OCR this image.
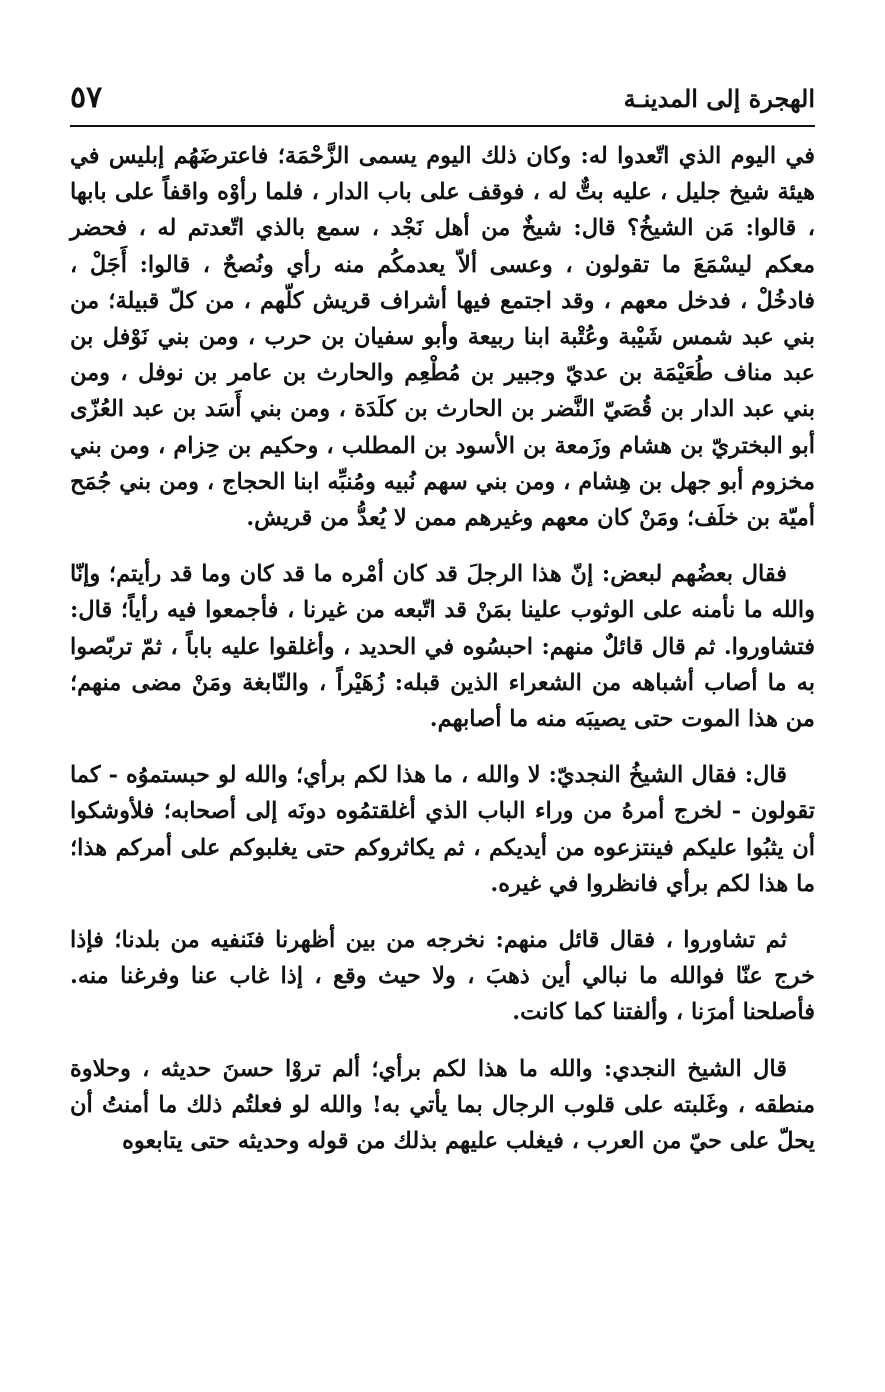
الهجرة إلى المدينـة
٥٧

في اليوم الذي اتّعدوا له: وكان ذلك اليوم يسمى الزَّحْمَة؛ فاعترضَهُم إبليس في هيئة شيخ جليل ، عليه بتٌّ له ، فوقف على باب الدار ، فلما رأوْه واقفاً على بابها ، قالوا: مَن الشيخُ؟ قال: شيخٌ من أهل نَجْد ، سمع بالذي اتّعدتم له ، فحضر معكم ليسْمَعَ ما تقولون ، وعسى ألاّ يعدمكُم منه رأي ونُصحٌ ، قالوا: أَجَلْ ، فادخُلْ ، فدخل معهم ، وقد اجتمع فيها أشراف قريش كلّهم ، من كلّ قبيلة؛ من بني عبد شمس شَيْبة وعُتْبة ابنا ربيعة وأبو سفيان بن حرب ، ومن بني نَوْفل بن عبد مناف طُعَيْمَة بن عديّ وجبير بن مُطْعِم والحارث بن عامر بن نوفل ، ومن بني عبد الدار بن قُصَيّ النَّضر بن الحارث بن كلَدَة ، ومن بني أَسَد بن عبد العُزّى أبو البختريّ بن هشام وزَمعة بن الأسود بن المطلب ، وحكيم بن حِزام ، ومن بني مخزوم أبو جهل بن هِشام ، ومن بني سهم نُبيه ومُنبِّه ابنا الحجاج ، ومن بني جُمَح أميّة بن خلَف؛ ومَنْ كان معهم وغيرهم ممن لا يُعدُّ من قريش.

فقال بعضُهم لبعض: إنّ هذا الرجلَ قد كان أمْره ما قد كان وما قد رأيتم؛ وإنّا والله ما نأمنه على الوثوب علينا بمَنْ قد اتّبعه من غيرنا ، فأجمعوا فيه رأياً؛ قال: فتشاوروا. ثم قال قائلٌ منهم: احبسُوه في الحديد ، وأغلقوا عليه باباً ، ثمّ تربّصوا به ما أصاب أشباهه من الشعراء الذين قبله: زُهَيْراً ، والنّابغة ومَنْ مضى منهم؛ من هذا الموت حتى يصيبَه منه ما أصابهم.

قال: فقال الشيخُ النجديّ: لا والله ، ما هذا لكم برأي؛ والله لو حبستموُه - كما تقولون - لخرج أمرهُ من وراء الباب الذي أغلقتمُوه دونَه إلى أصحابه؛ فلأوشكوا أن يثبُوا عليكم فينتزعوه من أيديكم ، ثم يكاثروكم حتى يغلبوكم على أمركم هذا؛ ما هذا لكم برأي فانظروا في غيره.

ثم تشاوروا ، فقال قائل منهم: نخرجه من بين أظهرنا فنَنفيه من بلدنا؛ فإذا خرج عنّا فوالله ما نبالي أين ذهبَ ، ولا حيث وقع ، إذا غاب عنا وفرغنا منه. فأصلحنا أمرَنا ، وألفتنا كما كانت.

قال الشيخ النجدي: والله ما هذا لكم برأي؛ ألم تروْا حسنَ حديثه ، وحلاوة منطقه ، وغَلبته على قلوب الرجال بما يأتي به! والله لو فعلتُم ذلك ما أمنتُ أن يحلّ على حيّ من العرب ، فيغلب عليهم بذلك من قوله وحديثه حتى يتابعوه
